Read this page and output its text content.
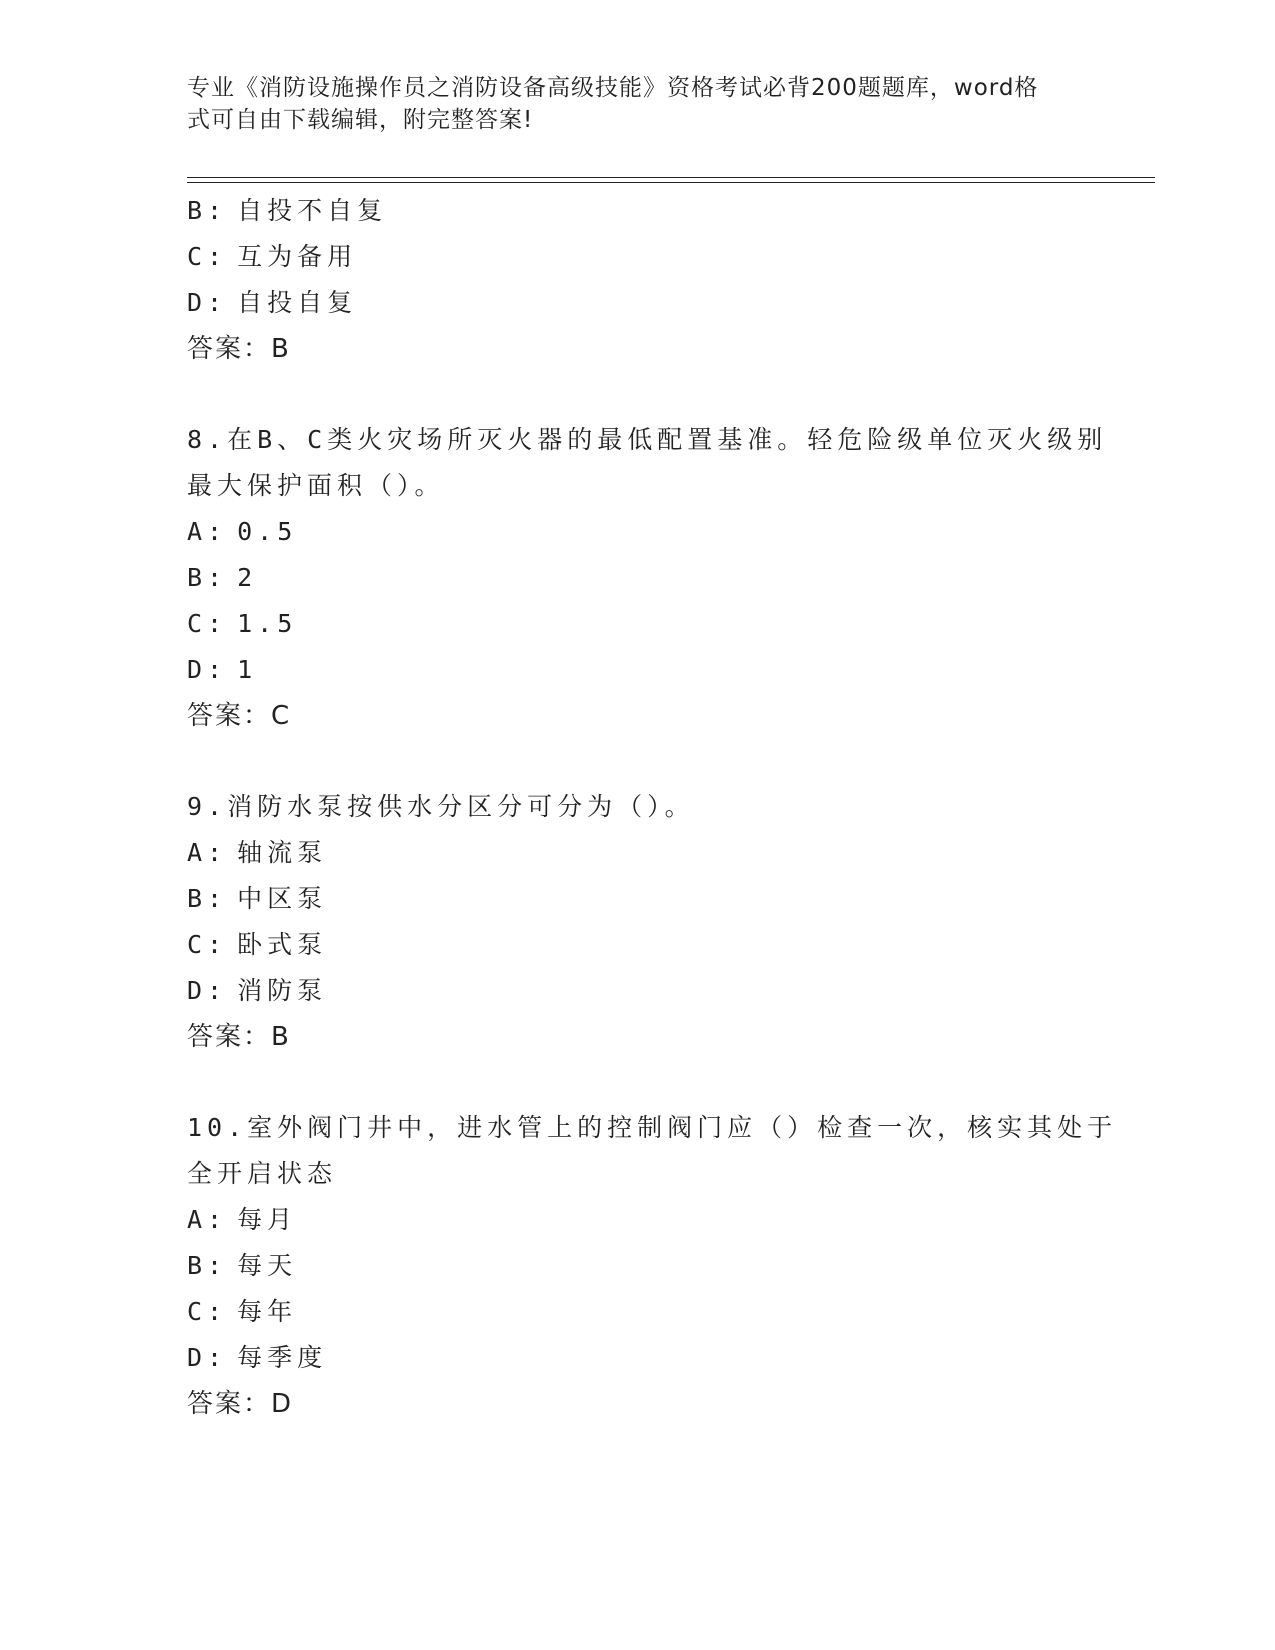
专业《消防设施操作员之消防设备高级技能》资格考试必背200题题库，word格
式可自由下载编辑，附完整答案!
B: 自投不自复
C: 互为备用
D: 自投自复
答案：B
8.在B、C类火灾场所灭火器的最低配置基准。轻危险级单位灭火级别
最大保护面积（）。
A: 0.5
B: 2
C: 1.5
D: 1
答案：C
9.消防水泵按供水分区分可分为（）。
A: 轴流泵
B: 中区泵
C: 卧式泵
D: 消防泵
答案：B
10.室外阀门井中，进水管上的控制阀门应（）检查一次，核实其处于
全开启状态
A: 每月
B: 每天
C: 每年
D: 每季度
答案：D
